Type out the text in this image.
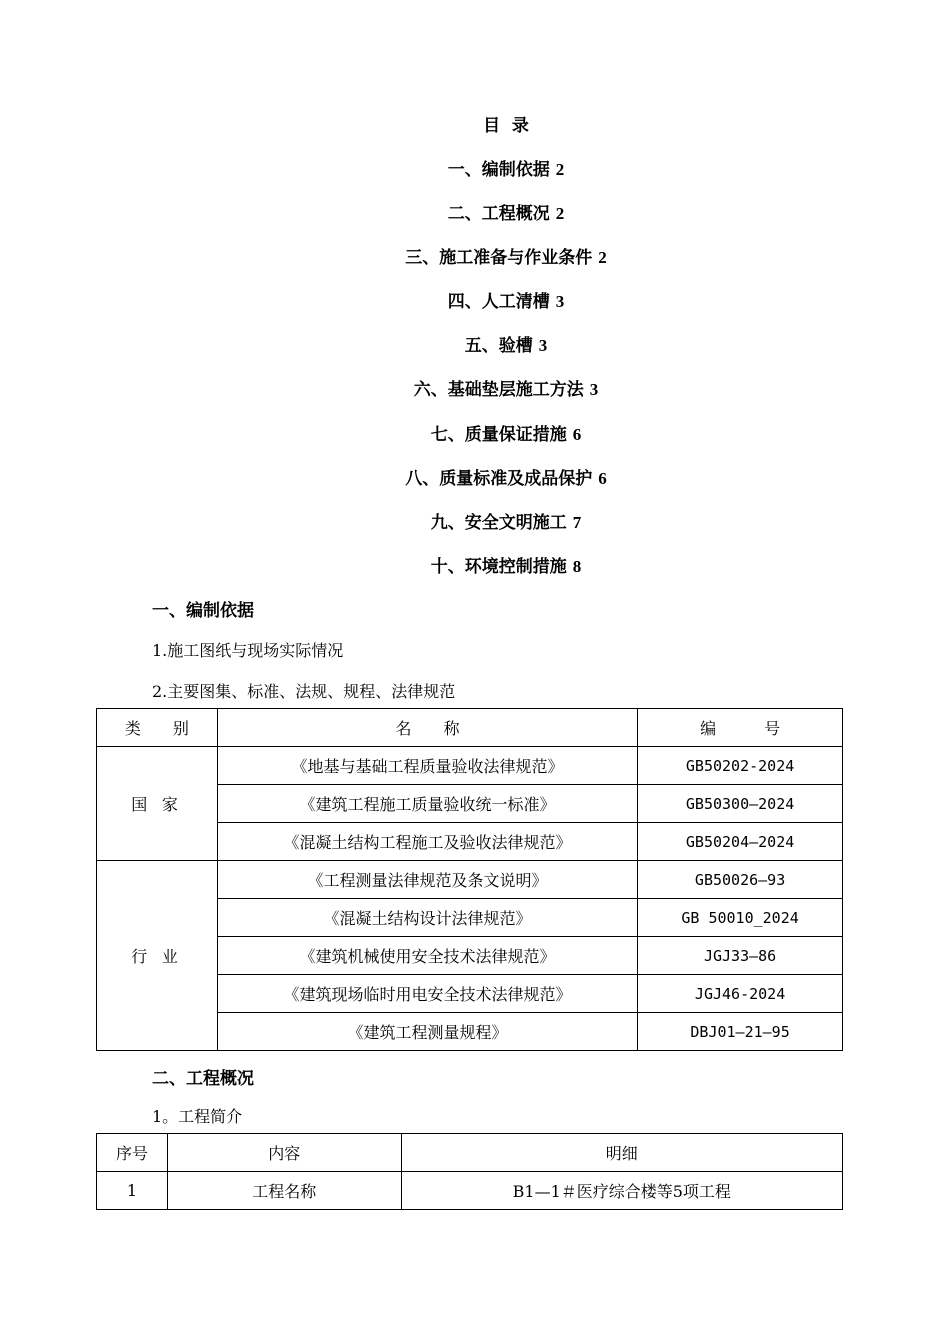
目  录
一、编制依据 2
二、工程概况 2
三、施工准备与作业条件 2
四、人工清槽 3
五、验槽 3
六、基础垫层施工方法 3
七、质量保证措施 6
八、质量标准及成品保护 6
九、安全文明施工 7
十、环境控制措施 8
一、编制依据
1.施工图纸与现场实际情况
2.主要图集、标准、法规、规程、法律规范
类　　别	名　　称	编　　　号
国 家	《地基与基础工程质量验收法律规范》	GB50202-2024
	《建筑工程施工质量验收统一标准》	GB50300—2024
	《混凝土结构工程施工及验收法律规范》	GB50204—2024
行 业	《工程测量法律规范及条文说明》	GB50026—93
	《混凝土结构设计法律规范》	GB 50010_2024
	《建筑机械使用安全技术法律规范》	JGJ33—86
	《建筑现场临时用电安全技术法律规范》	JGJ46-2024
	《建筑工程测量规程》	DBJ01—21—95
二、工程概况
1。工程简介
序号	内容	明细
1	工程名称	B1—1＃医疗综合楼等5项工程
